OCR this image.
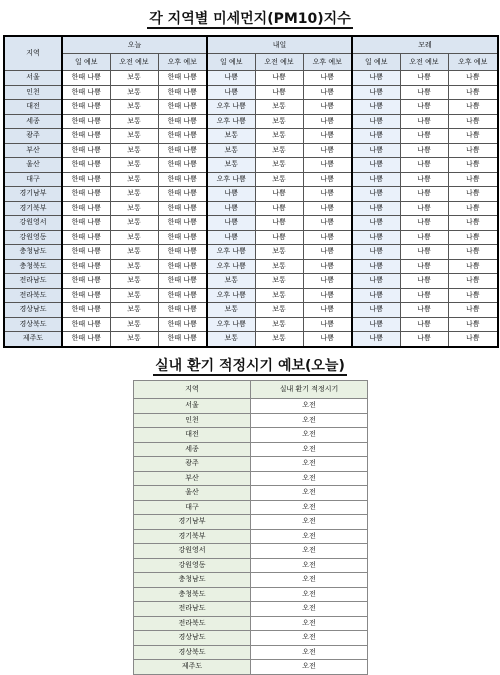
각 지역별 미세먼지(PM10)지수
지역	오늘			내일			모레		
	일 예보	오전 예보	오후 예보	일 예보	오전 예보	오후 예보	일 예보	오전 예보	오후 예보
서울	한때 나쁨	보통	한때 나쁨	나쁨	나쁨	나쁨	나쁨	나쁨	나쁨
인천	한때 나쁨	보통	한때 나쁨	나쁨	나쁨	나쁨	나쁨	나쁨	나쁨
대전	한때 나쁨	보통	한때 나쁨	오후 나쁨	보통	나쁨	나쁨	나쁨	나쁨
세종	한때 나쁨	보통	한때 나쁨	오후 나쁨	보통	나쁨	나쁨	나쁨	나쁨
광주	한때 나쁨	보통	한때 나쁨	보통	보통	나쁨	나쁨	나쁨	나쁨
부산	한때 나쁨	보통	한때 나쁨	보통	보통	나쁨	나쁨	나쁨	나쁨
울산	한때 나쁨	보통	한때 나쁨	보통	보통	나쁨	나쁨	나쁨	나쁨
대구	한때 나쁨	보통	한때 나쁨	오후 나쁨	보통	나쁨	나쁨	나쁨	나쁨
경기남부	한때 나쁨	보통	한때 나쁨	나쁨	나쁨	나쁨	나쁨	나쁨	나쁨
경기북부	한때 나쁨	보통	한때 나쁨	나쁨	나쁨	나쁨	나쁨	나쁨	나쁨
강원영서	한때 나쁨	보통	한때 나쁨	나쁨	나쁨	나쁨	나쁨	나쁨	나쁨
강원영동	한때 나쁨	보통	한때 나쁨	나쁨	나쁨	나쁨	나쁨	나쁨	나쁨
충청남도	한때 나쁨	보통	한때 나쁨	오후 나쁨	보통	나쁨	나쁨	나쁨	나쁨
충청북도	한때 나쁨	보통	한때 나쁨	오후 나쁨	보통	나쁨	나쁨	나쁨	나쁨
전라남도	한때 나쁨	보통	한때 나쁨	보통	보통	나쁨	나쁨	나쁨	나쁨
전라북도	한때 나쁨	보통	한때 나쁨	오후 나쁨	보통	나쁨	나쁨	나쁨	나쁨
경상남도	한때 나쁨	보통	한때 나쁨	보통	보통	나쁨	나쁨	나쁨	나쁨
경상북도	한때 나쁨	보통	한때 나쁨	오후 나쁨	보통	나쁨	나쁨	나쁨	나쁨
제주도	한때 나쁨	보통	한때 나쁨	보통	보통	나쁨	나쁨	나쁨	나쁨
실내 환기 적정시기 예보(오늘)
지역	실내 환기 적정시기
서울	오전
인천	오전
대전	오전
세종	오전
광주	오전
부산	오전
울산	오전
대구	오전
경기남부	오전
경기북부	오전
강원영서	오전
강원영동	오전
충청남도	오전
충청북도	오전
전라남도	오전
전라북도	오전
경상남도	오전
경상북도	오전
제주도	오전
